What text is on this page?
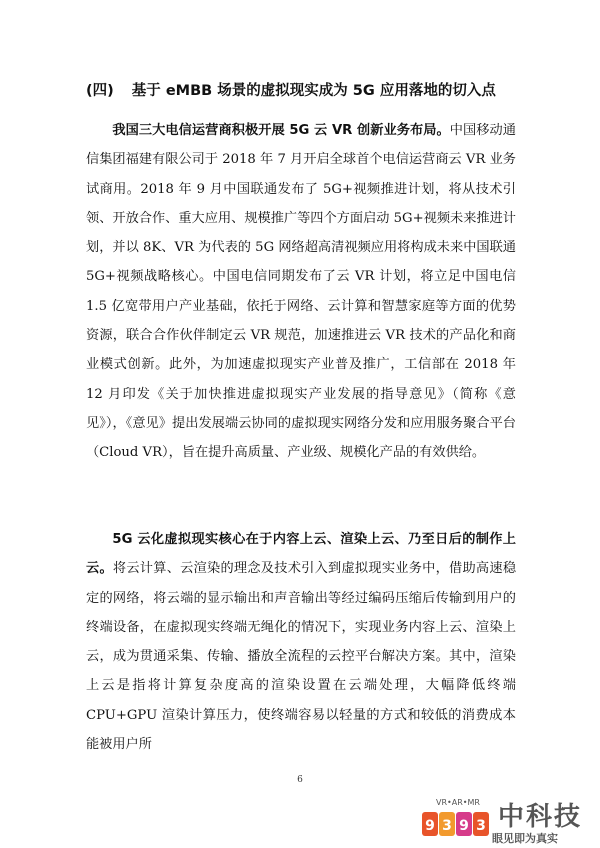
(四) 基于 eMBB 场景的虚拟现实成为 5G 应用落地的切入点

我国三大电信运营商积极开展 5G 云 VR 创新业务布局。中国移动通信集团福建有限公司于 2018 年 7 月开启全球首个电信运营商云 VR 业务试商用。2018 年 9 月中国联通发布了 5G+视频推进计划，将从技术引领、开放合作、重大应用、规模推广等四个方面启动 5G+视频未来推进计划，并以 8K、VR 为代表的 5G 网络超高清视频应用将构成未来中国联通 5G+视频战略核心。中国电信同期发布了云 VR 计划，将立足中国电信 1.5 亿宽带用户产业基础，依托于网络、云计算和智慧家庭等方面的优势资源，联合合作伙伴制定云 VR 规范，加速推进云 VR 技术的产品化和商业模式创新。此外，为加速虚拟现实产业普及推广，工信部在 2018 年 12 月印发《关于加快推进虚拟现实产业发展的指导意见》（简称《意见》），《意见》提出发展端云协同的虚拟现实网络分发和应用服务聚合平台（Cloud VR），旨在提升高质量、产业级、规模化产品的有效供给。

5G 云化虚拟现实核心在于内容上云、渲染上云、乃至日后的制作上云。将云计算、云渲染的理念及技术引入到虚拟现实业务中，借助高速稳定的网络，将云端的显示输出和声音输出等经过编码压缩后传输到用户的终端设备，在虚拟现实终端无绳化的情况下，实现业务内容上云、渲染上云，成为贯通采集、传输、播放全流程的云控平台解决方案。其中，渲染上云是指将计算复杂度高的渲染设置在云端处理，大幅降低终端 CPU+GPU 渲染计算压力，使终端容易以轻量的方式和较低的消费成本能被用户所

6
VR•AR•MR
9 3 9 3 中科技
眼见即为真实
